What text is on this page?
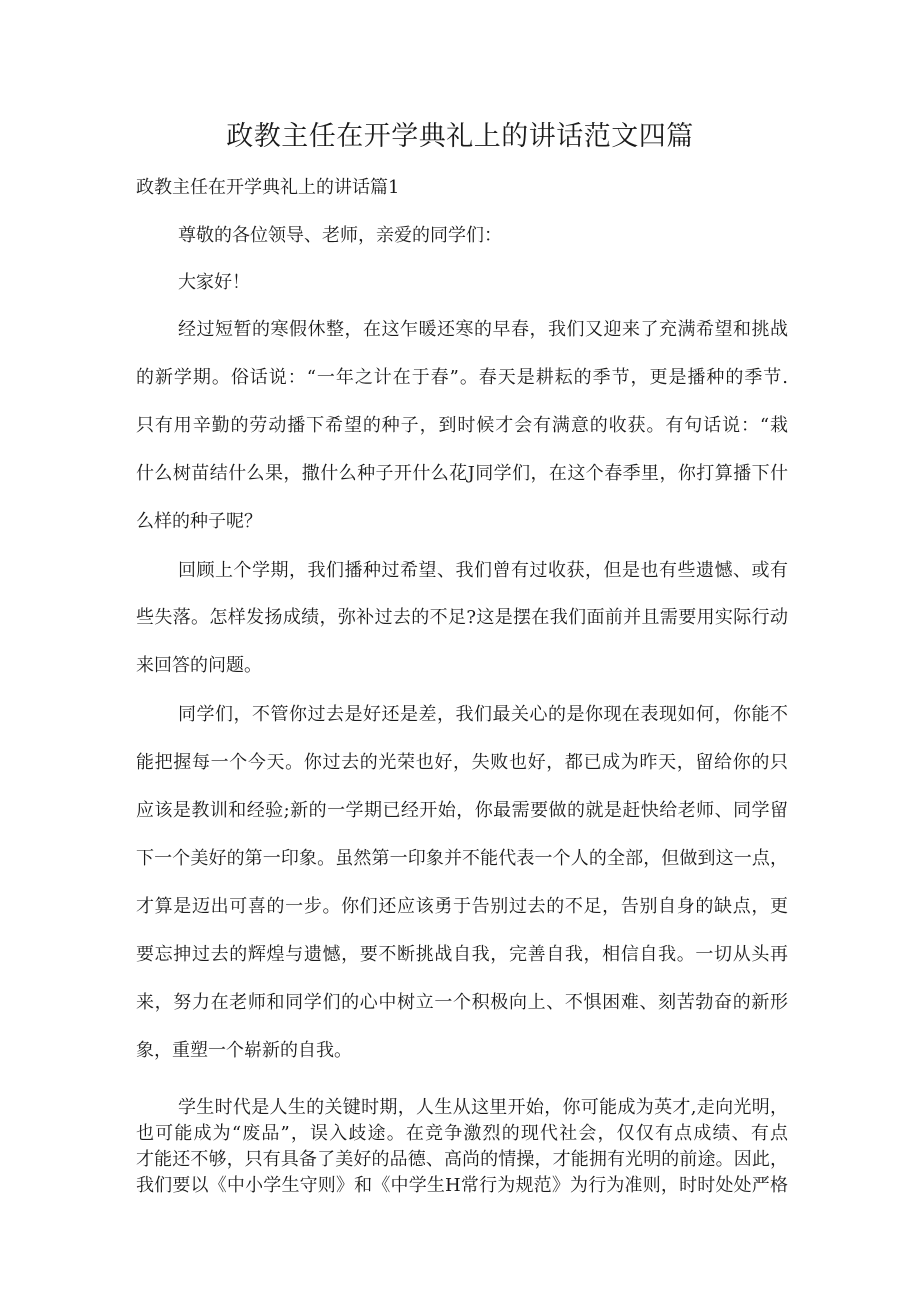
政教主任在开学典礼上的讲话范文四篇
政教主任在开学典礼上的讲话篇1
尊敬的各位领导、老师，亲爱的同学们：
大家好！
经过短暂的寒假休整，在这乍暖还寒的早春，我们又迎来了充满希望和挑战
的新学期。俗话说：“一年之计在于春”。春天是耕耘的季节，更是播种的季节.
只有用辛勤的劳动播下希望的种子，到时候才会有满意的收获。有句话说：“栽
什么树苗结什么果，撒什么种子开什么花J同学们，在这个春季里，你打算播下什
么样的种子呢？
回顾上个学期，我们播种过希望、我们曾有过收获，但是也有些遗憾、或有
些失落。怎样发扬成绩，弥补过去的不足?这是摆在我们面前并且需要用实际行动
来回答的问题。
同学们，不管你过去是好还是差，我们最关心的是你现在表现如何，你能不
能把握每一个今天。你过去的光荣也好，失败也好，都已成为昨天，留给你的只
应该是教训和经验;新的一学期已经开始，你最需要做的就是赶快给老师、同学留
下一个美好的第一印象。虽然第一印象并不能代表一个人的全部，但做到这一点，
才算是迈出可喜的一步。你们还应该勇于告别过去的不足，告别自身的缺点，更
要忘抻过去的辉煌与遗憾，要不断挑战自我，完善自我，相信自我。一切从头再
来，努力在老师和同学们的心中树立一个积极向上、不惧困难、刻苦勃奋的新形
象，重塑一个崭新的自我。
学生时代是人生的关键时期，人生从这里开始，你可能成为英才,走向光明，
也可能成为“废品”，误入歧途。在竞争激烈的现代社会，仅仅有点成绩、有点
才能还不够，只有具备了美好的品德、高尚的情操，才能拥有光明的前途。因此，
我们要以《中小学生守则》和《中学生H常行为规范》为行为准则，时时处处严格
